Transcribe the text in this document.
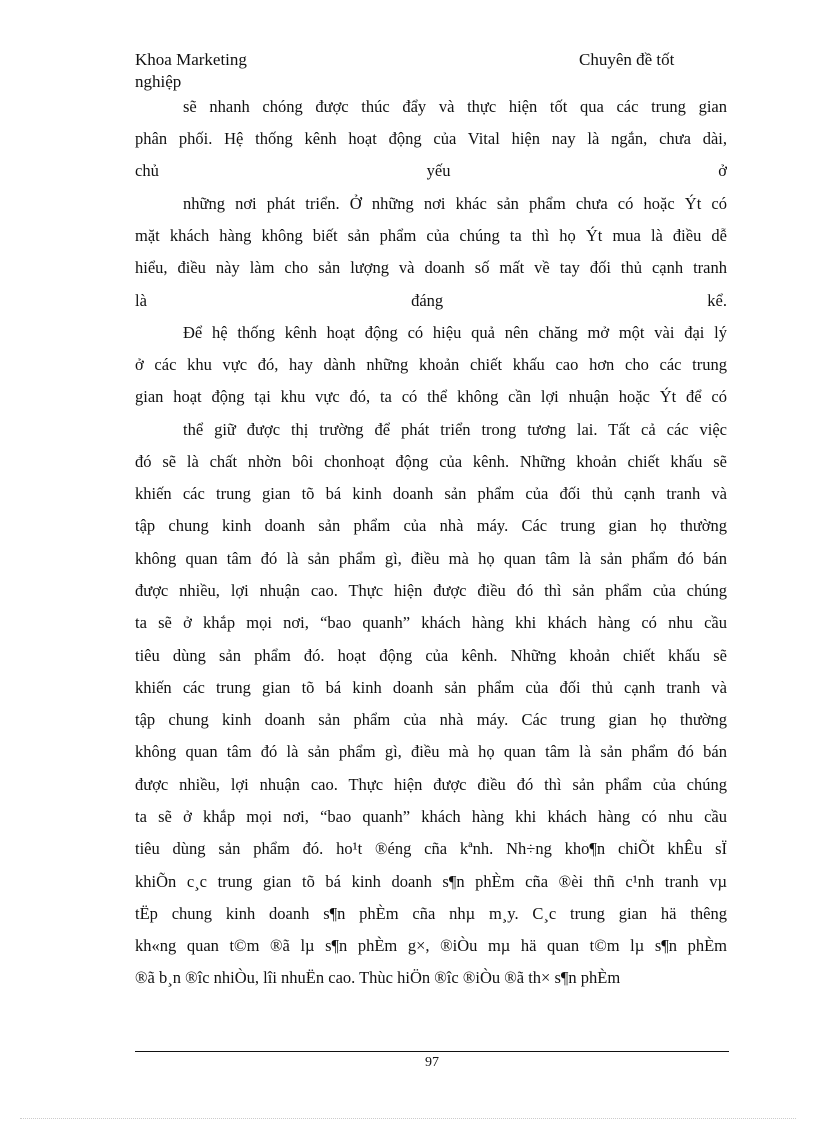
Khoa Marketing	Chuyên đề tốt
nghiệp
sẽ nhanh chóng được thúc đẩy và thực hiện tốt qua các trung gian
phân phối. Hệ thống kênh hoạt động của Vital hiện nay là ngắn, chưa dài,
chủ yếu ở
những nơi phát triển. Ở những nơi khác sản phẩm chưa có hoặc Ýt có
mặt khách hàng không biết sản phẩm của chúng ta thì họ Ýt mua là điều dễ
hiểu, điều này làm cho sản lượng và doanh số mất về tay đối thủ cạnh tranh
là đáng kể.
Để hệ thống kênh hoạt động có hiệu quả nên chăng mở một vài đại lý
ở các khu vực đó, hay dành những khoản chiết khấu cao hơn cho các trung
gian hoạt động tại khu vực đó, ta có thể không cần lợi nhuận hoặc Ýt để có
thể giữ được thị trường để phát triển trong tương lai. Tất cả các việc
đó sẽ là chất nhờn bôi chonhoạt động của kênh. Những khoản chiết khấu sẽ
khiến các trung gian tõ bá kinh doanh sản phẩm của đối thủ cạnh tranh và
tập chung kinh doanh sản phẩm của nhà máy. Các trung gian họ thường
không quan tâm đó là sản phẩm gì, điều mà họ quan tâm là sản phẩm đó bán
được nhiều, lợi nhuận cao. Thực hiện được điều đó thì sản phẩm của chúng
ta sẽ ở khắp mọi nơi, “bao quanh” khách hàng khi khách hàng có nhu cầu
tiêu dùng sản phẩm đó. hoạt động của kênh. Những khoản chiết khấu sẽ
khiến các trung gian tõ bá kinh doanh sản phẩm của đối thủ cạnh tranh và
tập chung kinh doanh sản phẩm của nhà máy. Các trung gian họ thường
không quan tâm đó là sản phẩm gì, điều mà họ quan tâm là sản phẩm đó bán
được nhiều, lợi nhuận cao. Thực hiện được điều đó thì sản phẩm của chúng
ta sẽ ở khắp mọi nơi, “bao quanh” khách hàng khi khách hàng có nhu cầu
tiêu dùng sản phẩm đó. ho¹t ®éng cña kªnh. Nh÷ng kho¶n chiÕt khÊu sÏ
khiÕn c¸c trung gian tõ bá kinh doanh s¶n phÈm cña ®èi thñ c¹nh tranh vµ
tËp chung kinh doanh s¶n phÈm cña nhµ m¸y. C¸c trung gian hä thêng
kh«ng quan t©m ®ã lµ s¶n phÈm g×, ®iÒu mµ hä quan t©m lµ s¶n phÈm
®ã b¸n ®îc nhiÒu, lîi nhuËn cao. Thùc hiÖn ®îc ®iÒu ®ã th× s¶n phÈm
97
